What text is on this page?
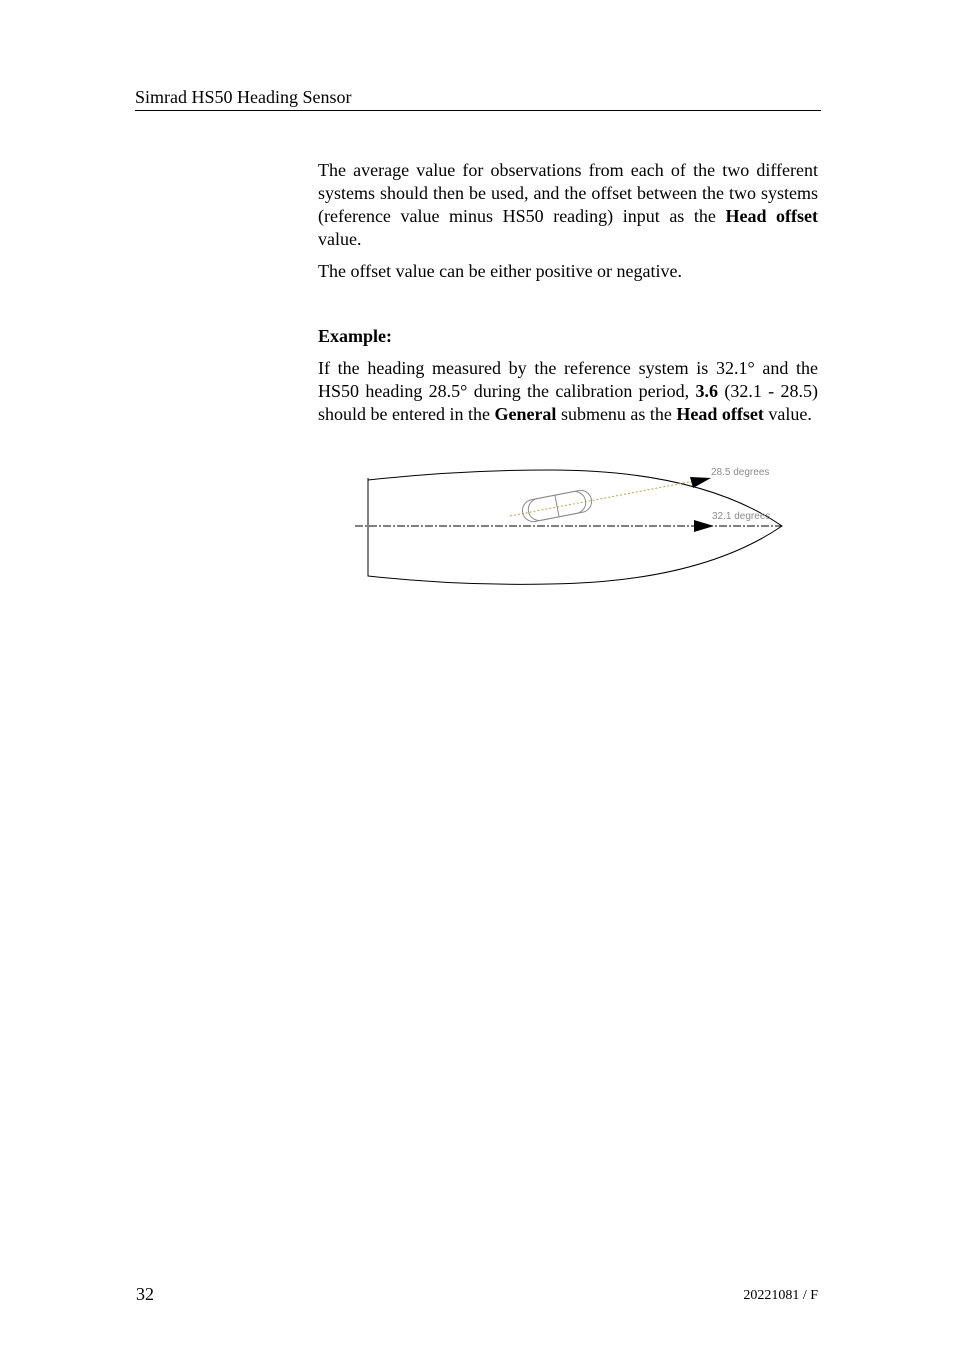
Simrad HS50 Heading Sensor

The average value for observations from each of the two different systems should then be used, and the offset between the two systems (reference value minus HS50 reading) input as the Head offset value.

The offset value can be either positive or negative.

Example:

If the heading measured by the reference system is 32.1° and the HS50 heading 28.5° during the calibration period, 3.6 (32.1 - 28.5) should be entered in the General submenu as the Head offset value.

28.5 degrees
32.1 degrees
32	20221081 / F
